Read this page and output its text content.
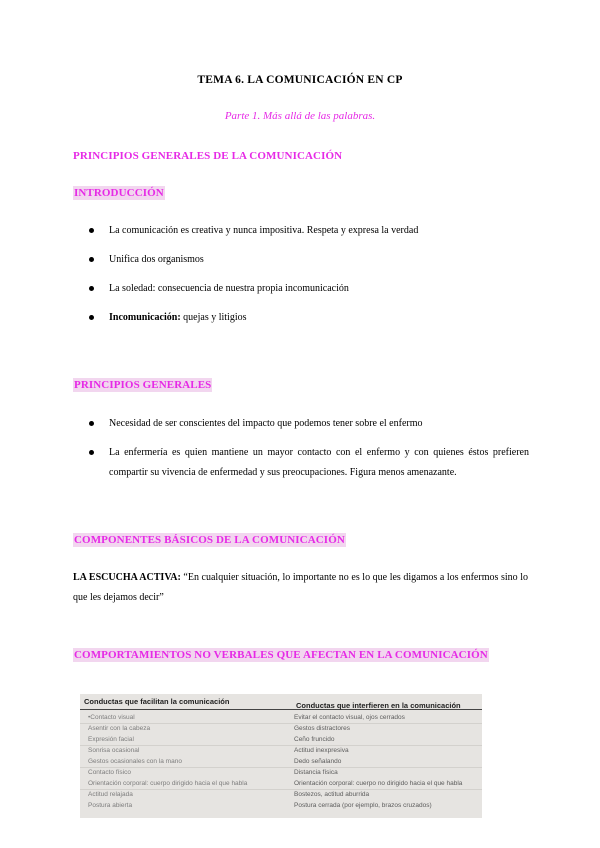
TEMA 6. LA COMUNICACIÓN EN CP
Parte 1. Más allá de las palabras.
PRINCIPIOS GENERALES DE LA COMUNICACIÓN
INTRODUCCIÓN
La comunicación es creativa y nunca impositiva. Respeta y expresa la verdad
Unifica dos organismos
La soledad: consecuencia de nuestra propia incomunicación
Incomunicación: quejas y litigios
PRINCIPIOS GENERALES
Necesidad de ser conscientes del impacto que podemos tener sobre el enfermo
La enfermería es quien mantiene un mayor contacto con el enfermo y con quienes éstos prefieren compartir su vivencia de enfermedad y sus preocupaciones. Figura menos amenazante.
COMPONENTES BÁSICOS DE LA COMUNICACIÓN
LA ESCUCHA ACTIVA: “En cualquier situación, lo importante no es lo que les digamos a los enfermos sino lo que les dejamos decir”
COMPORTAMIENTOS NO VERBALES QUE AFECTAN EN LA COMUNICACIÓN
Conductas que facilitan la comunicación	Conductas que interfieren en la comunicación
•Contacto visual
Asentir con la cabeza
Expresión facial
Sonrisa ocasional
Gestos ocasionales con la mano
Contacto físico
Orientación corporal: cuerpo dirigido hacia el que habla
Actitud relajada
Postura abierta
Evitar el contacto visual, ojos cerrados
Gestos distractores
Ceño fruncido
Actitud inexpresiva
Dedo señalando
Distancia física
Orientación corporal: cuerpo no dirigido hacia el que habla
Bostezos, actitud aburrida
Postura cerrada (por ejemplo, brazos cruzados)
